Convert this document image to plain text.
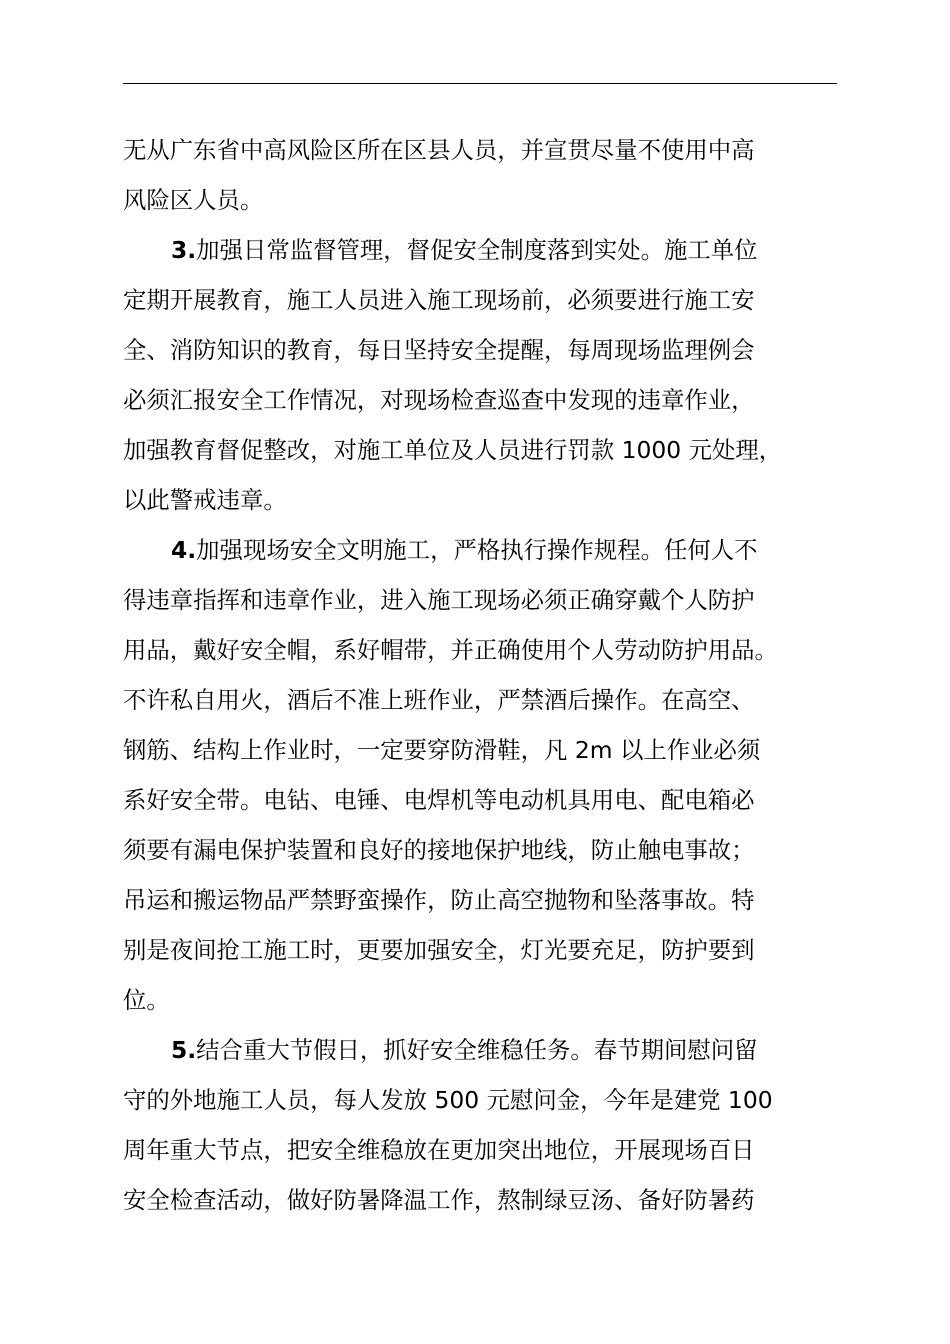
无从广东省中高风险区所在区县人员，并宣贯尽量不使用中高
风险区人员。
3.加强日常监督管理，督促安全制度落到实处。施工单位
定期开展教育，施工人员进入施工现场前，必须要进行施工安
全、消防知识的教育，每日坚持安全提醒，每周现场监理例会
必须汇报安全工作情况，对现场检查巡查中发现的违章作业，
加强教育督促整改，对施工单位及人员进行罚款 1000 元处理，
以此警戒违章。
4.加强现场安全文明施工，严格执行操作规程。任何人不
得违章指挥和违章作业，进入施工现场必须正确穿戴个人防护
用品，戴好安全帽，系好帽带，并正确使用个人劳动防护用品。
不许私自用火，酒后不准上班作业，严禁酒后操作。在高空、
钢筋、结构上作业时，一定要穿防滑鞋，凡 2m 以上作业必须
系好安全带。电钻、电锤、电焊机等电动机具用电、配电箱必
须要有漏电保护装置和良好的接地保护地线，防止触电事故；
吊运和搬运物品严禁野蛮操作，防止高空抛物和坠落事故。特
别是夜间抢工施工时，更要加强安全，灯光要充足，防护要到
位。
5.结合重大节假日，抓好安全维稳任务。春节期间慰问留
守的外地施工人员，每人发放 500 元慰问金，今年是建党 100
周年重大节点，把安全维稳放在更加突出地位，开展现场百日
安全检查活动，做好防暑降温工作，熬制绿豆汤、备好防暑药
